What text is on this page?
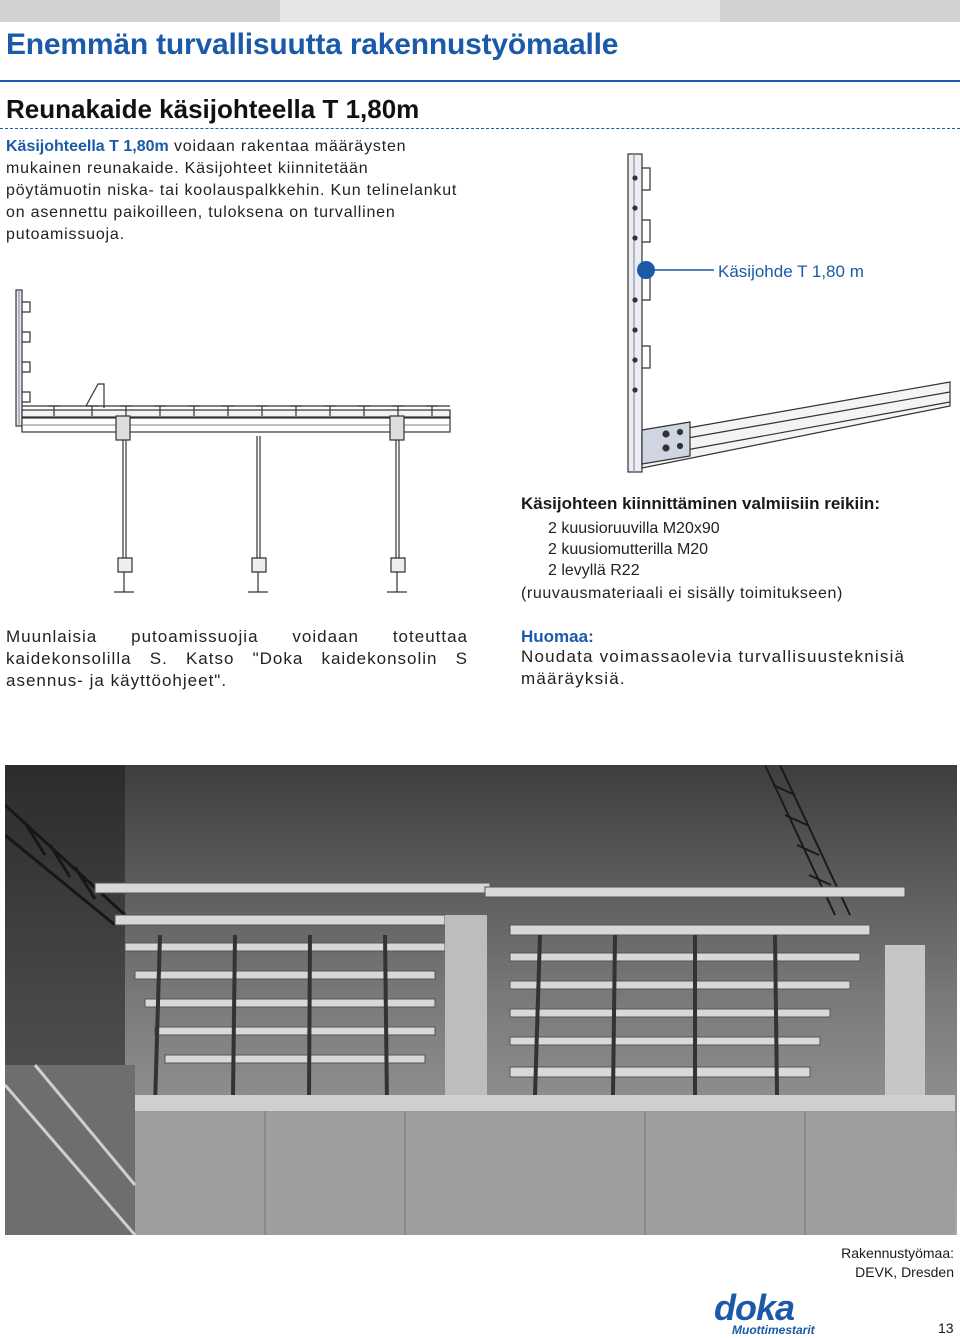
Enemmän turvallisuutta rakennustyömaalle
Reunakaide käsijohteella T 1,80m

Käsijohteella T 1,80m voidaan rakentaa määräysten mukainen reunakaide. Käsijohteet kiinnitetään pöytämuotin niska- tai koolauspalkkehin. Kun telinelankut on asennettu paikoilleen, tuloksena on turvallinen putoamissuoja.

Käsijohde T 1,80 m
Käsijohteen kiinnittäminen valmiisiin reikiin:
2 kuusioruuvilla M20x90
2 kuusiomutterilla M20
2 levyllä R22
(ruuvausmateriaali ei sisälly toimitukseen)

Muunlaisia putoamissuojia voidaan toteuttaa kaidekonsolilla S. Katso "Doka kaidekonsolin S asennus- ja käyttöohjeet".

Huomaa:

Noudata voimassaolevia turvallisuusteknisiä määräyksiä.

Rakennustyömaa:
DEVK, Dresden
doka
Muottimestarit	13
